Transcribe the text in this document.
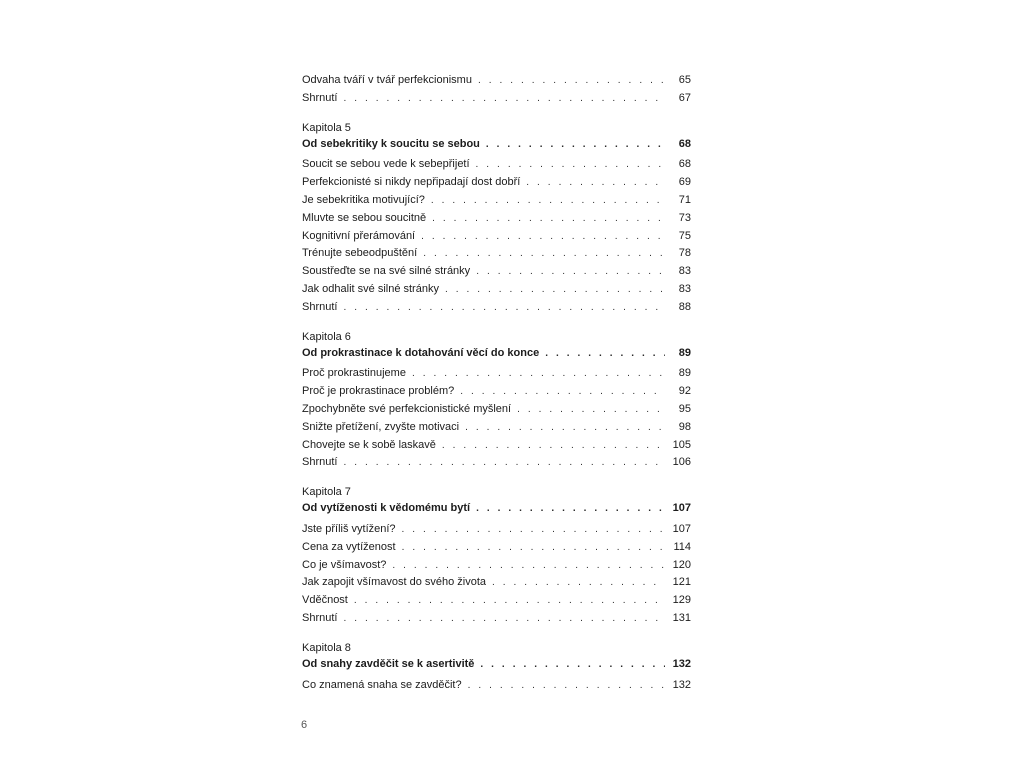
Odvaha tváří v tvář perfekcionismu . . .	65
Shrnutí . . .	67
Kapitola 5
Od sebekritiky k soucitu se sebou . . .	68
Soucit se sebou vede k sebepřijetí . . .	68
Perfekcionisté si nikdy nepřipadají dost dobří . . .	69
Je sebekritika motivující? . . .	71
Mluvte se sebou soucitně . . .	73
Kognitivní přerámování . . .	75
Trénujte sebeodpuštění . . .	78
Soustřeďte se na své silné stránky . . .	83
Jak odhalit své silné stránky . . .	83
Shrnutí . . .	88
Kapitola 6
Od prokrastinace k dotahování věcí do konce . . .	89
Proč prokrastinujeme . . .	89
Proč je prokrastinace problém? . . .	92
Zpochybněte své perfekcionistické myšlení . . .	95
Snižte přetížení, zvyšte motivaci . . .	98
Chovejte se k sobě laskavě . . .	105
Shrnutí . . .	106
Kapitola 7
Od vytíženosti k vědomému bytí . . .	107
Jste příliš vytížení? . . .	107
Cena za vytíženost . . .	114
Co je všímavost? . . .	120
Jak zapojit všímavost do svého života . . .	121
Vděčnost . . .	129
Shrnutí . . .	131
Kapitola 8
Od snahy zavděčit se k asertivitě . . .	132
Co znamená snaha se zavděčit? . . .	132
6
